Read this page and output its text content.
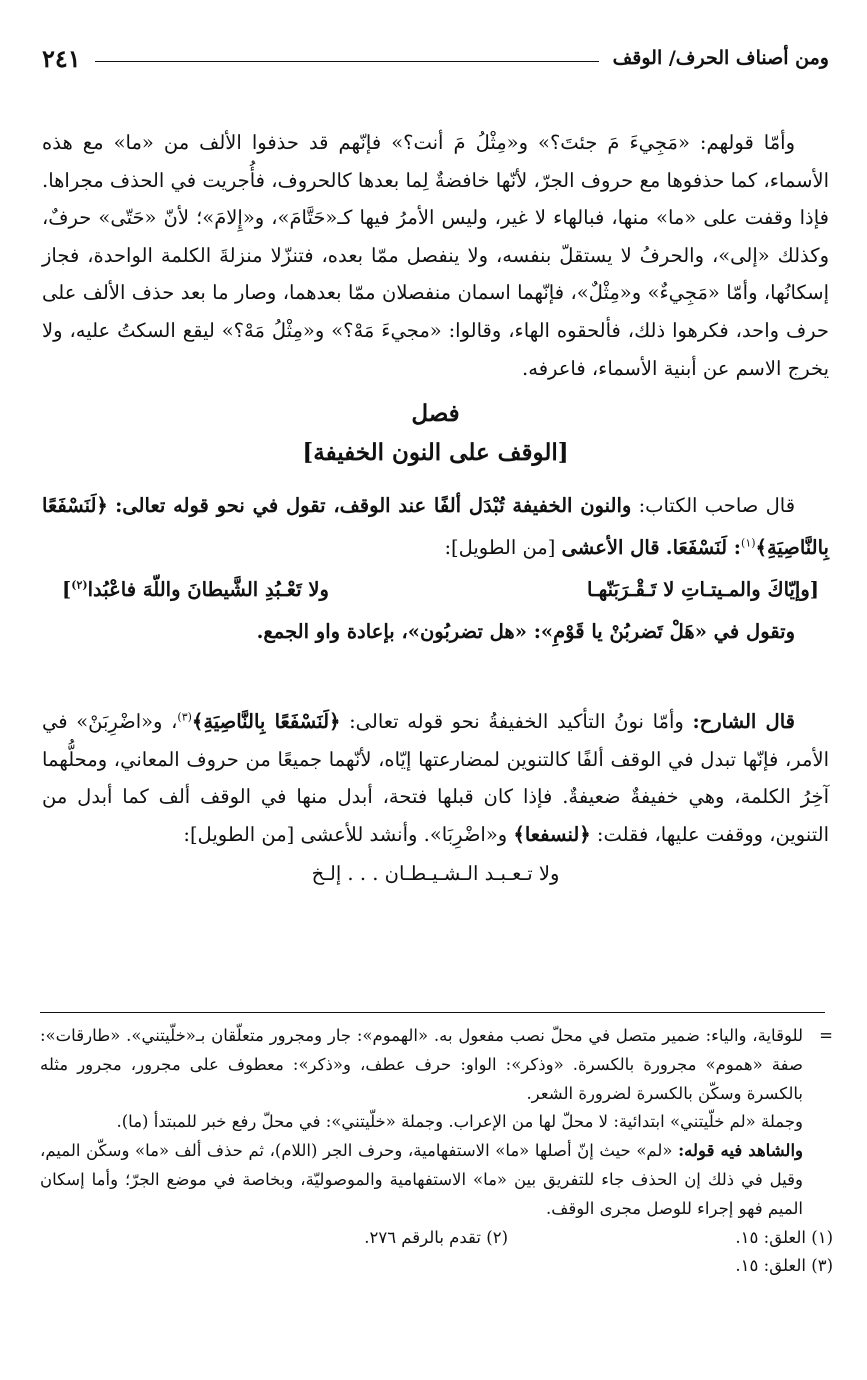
ومن أصناف الحرف/ الوقف
٢٤١

وأمّا قولهم: «مَجِيءَ مَ جئتَ؟» و«مِثْلُ مَ أنت؟» فإنّهم قد حذفوا الألف من «ما» مع هذه الأسماء، كما حذفوها مع حروف الجرّ، لأنّها خافضةٌ لِما بعدها كالحروف، فأُجريت في الحذف مجراها. فإذا وقفت على «ما» منها، فبالهاء لا غير، وليس الأمرُ فيها كـ«حَتَّامَ»، و«إِلامَ»؛ لأنّ «حَتّى» حرفٌ، وكذلك «إلى»، والحرفُ لا يستقلّ بنفسه، ولا ينفصل ممّا بعده، فتنزّلا منزلةَ الكلمة الواحدة، فجاز إسكانُها، وأمّا «مَجِيءٌ» و«مِثْلٌ»، فإنّهما اسمان منفصلان ممّا بعدهما، وصار ما بعد حذف الألف على حرف واحد، فكرهوا ذلك، فألحقوه الهاء، وقالوا: «مجيءَ مَهْ؟» و«مِثْلُ مَهْ؟» ليقع السكتُ عليه، ولا يخرج الاسم عن أبنية الأسماء، فاعرفه.

فصل
[الوقف على النون الخفيفة]

قال صاحب الكتاب: والنون الخفيفة تُبْدَل ألفًا عند الوقف، تقول في نحو قوله تعالى: ﴿لَنَسْفَعًا بِالنَّاصِيَةِ﴾$^{(١)}$: لَنَسْفَعَا. قال الأعشى [من الطويل]:

[وإيّاكَ والمـيتـاتِ لا تَـقْـرَبَنّهـا
ولا تَعْـبُدِ الشَّيطانَ واللّهَ فاعْبُدا$^{(٢)}$]

وتقول في «هَلْ تَضربُنْ يا قَوْمِ»: «هل تضربُون»، بإعادة واو الجمع.

قال الشارح: وأمّا نونُ التأكيد الخفيفةُ نحو قوله تعالى: ﴿لَنَسْفَعًا بِالنَّاصِيَةِ﴾$^{(٣)}$، و«اضْرِبَنْ» في الأمر، فإنّها تبدل في الوقف ألفًا كالتنوين لمضارعتها إيّاه، لأنّهما جميعًا من حروف المعاني، ومحلُّهما آخِرُ الكلمة، وهي خفيفةٌ ضعيفةٌ. فإذا كان قبلها فتحة، أبدل منها في الوقف ألف كما أبدل من التنوين، ووقفت عليها، فقلت: ﴿لنسفعا﴾ و«اضْرِبَا». وأنشد للأعشى [من الطويل]:

ولا تـعـبـد الـشـيـطـان . . . إلـخ

=
للوقاية، والياء: ضمير متصل في محلّ نصب مفعول به. «الهموم»: جار ومجرور متعلّقان بـ«خلّيتني». «طارقات»: صفة «هموم» مجرورة بالكسرة. «وذكر»: الواو: حرف عطف، و«ذكر»: معطوف على مجرور، مجرور مثله بالكسرة وسكّن بالكسرة لضرورة الشعر.

وجملة «لم خلّيتني» ابتدائية: لا محلّ لها من الإعراب. وجملة «خلّيتني»: في محلّ رفع خبر للمبتدأ (ما).

والشاهد فيه قوله: «لم» حيث إنّ أصلها «ما» الاستفهامية، وحرف الجر (اللام)، ثم حذف ألف «ما» وسكّن الميم، وقيل في ذلك إن الحذف جاء للتفريق بين «ما» الاستفهامية والموصوليّة، وبخاصة في موضع الجرّ؛ وأما إسكان الميم فهو إجراء للوصل مجرى الوقف.

(١) العلق: ١٥.
(٢) تقدم بالرقم ٢٧٦.
(٣) العلق: ١٥.
